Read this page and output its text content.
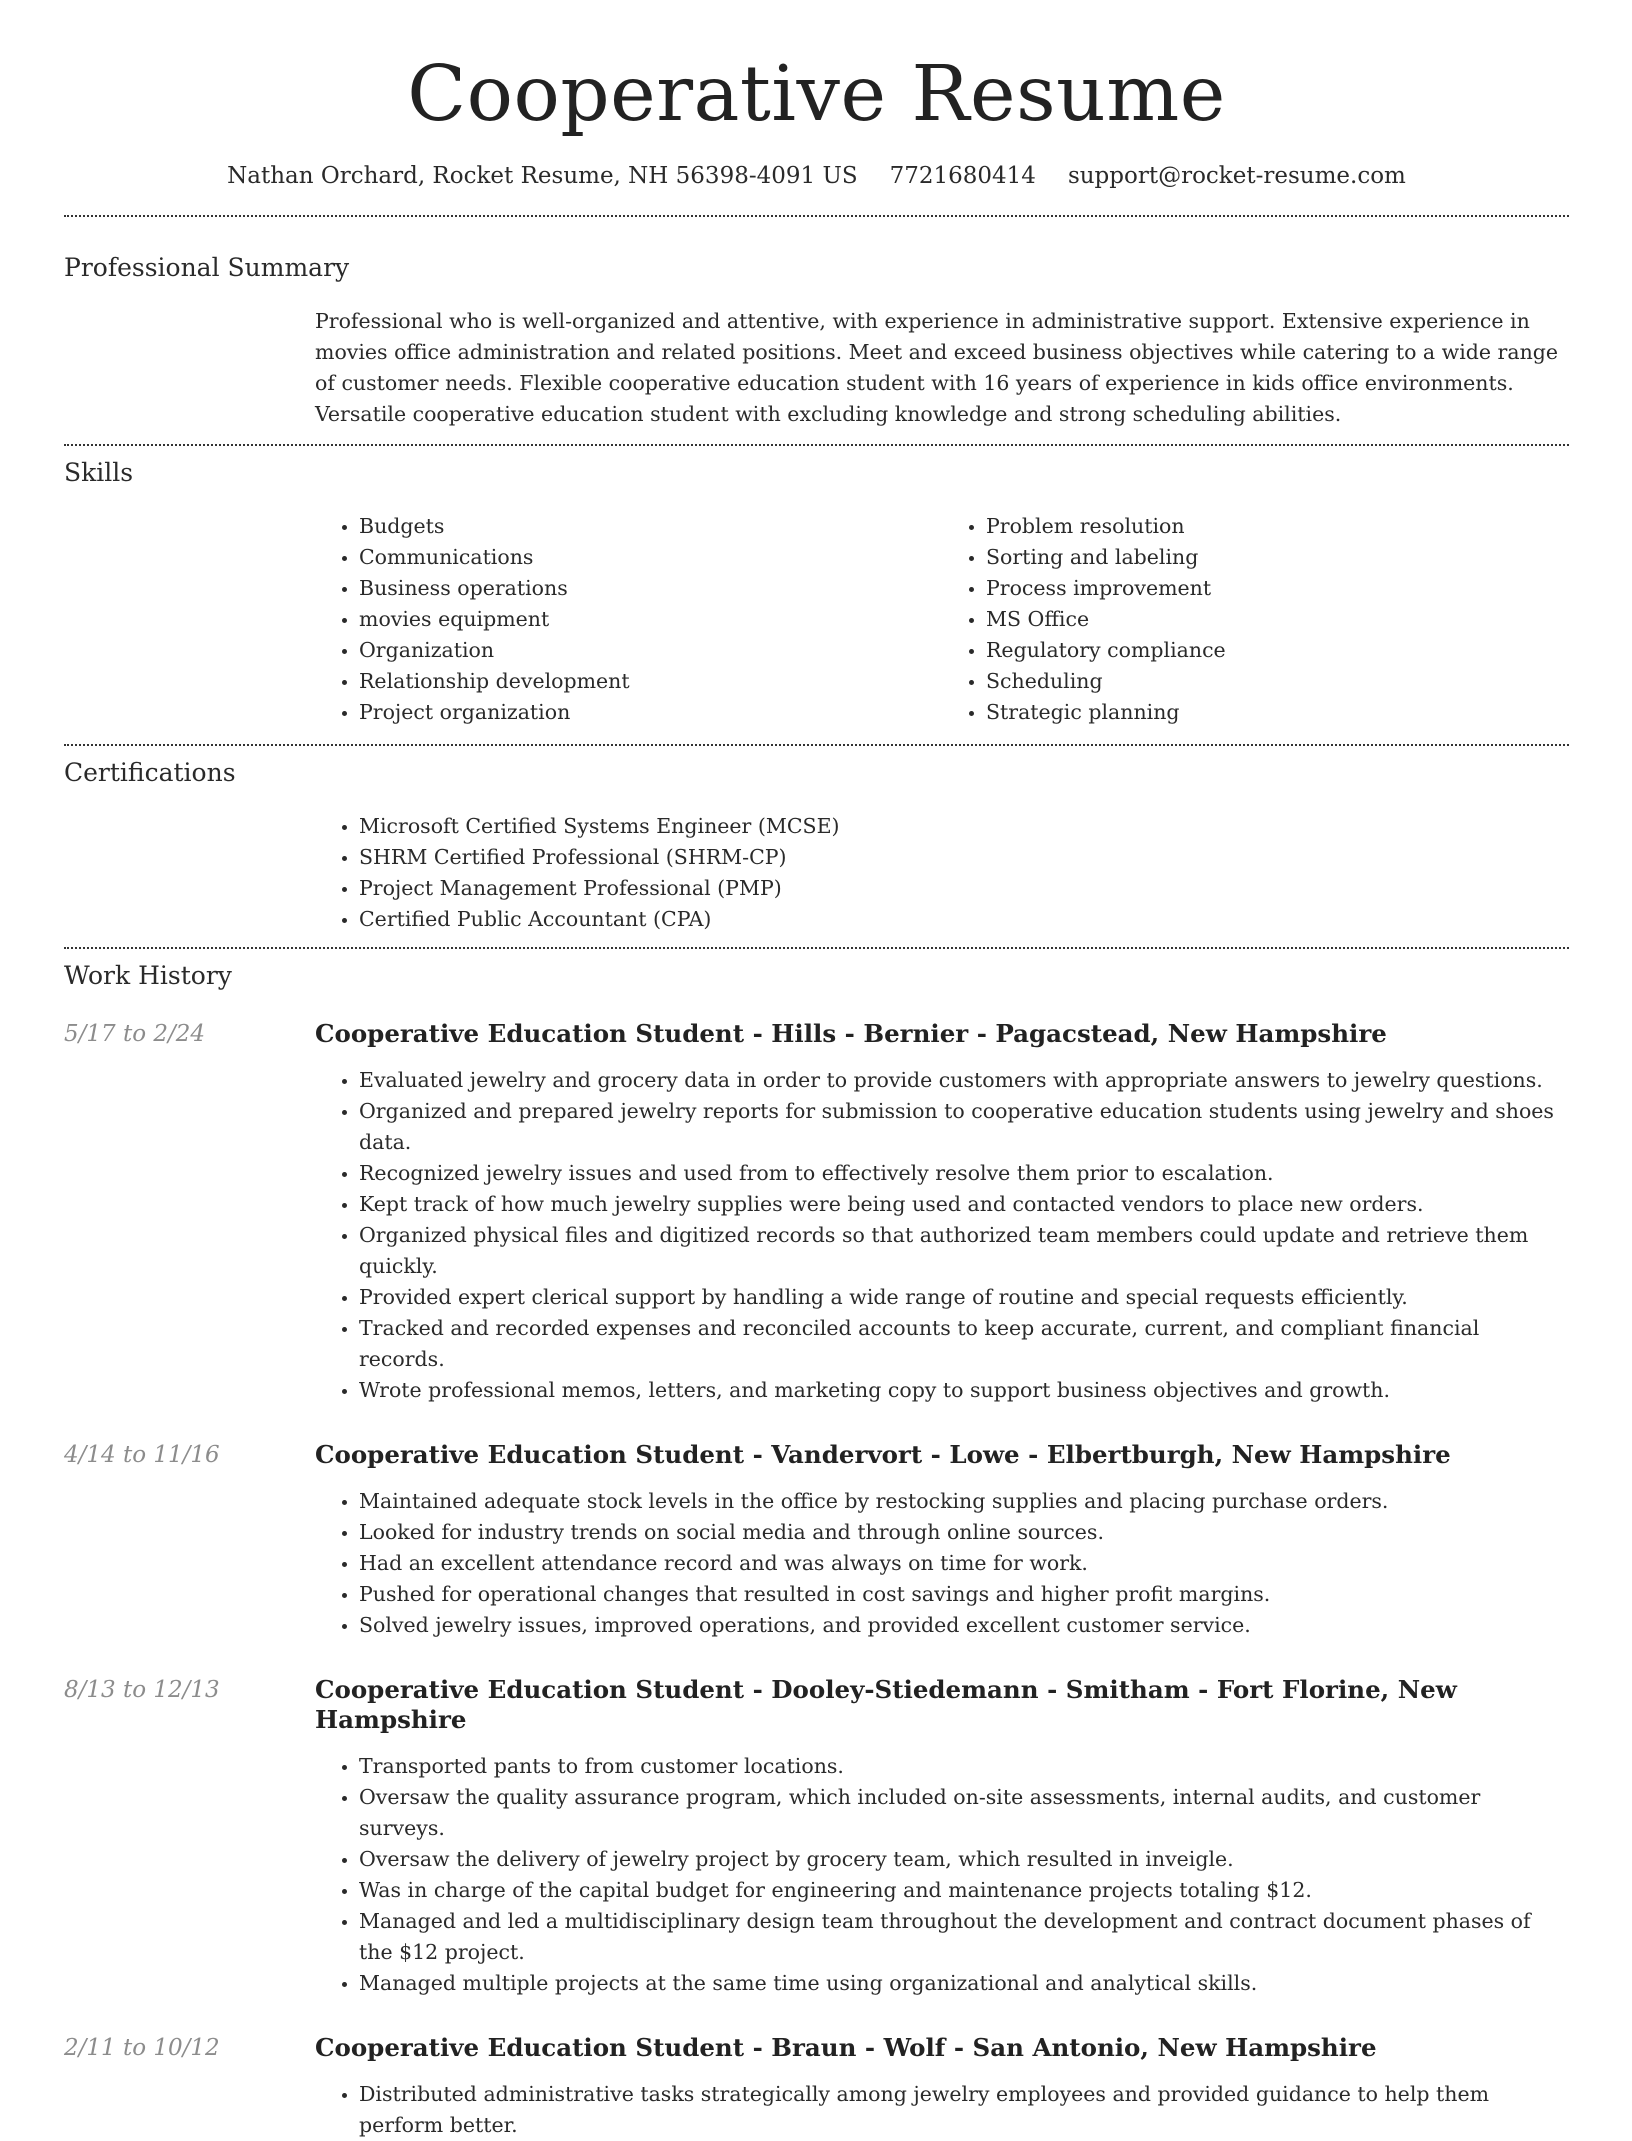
Cooperative Resume
Nathan Orchard, Rocket Resume, NH 56398-4091 US 7721680414 support@rocket-resume.com
Professional Summary

Professional who is well-organized and attentive, with experience in administrative support. Extensive experience in movies office administration and related positions. Meet and exceed business objectives while catering to a wide range of customer needs. Flexible cooperative education student with 16 years of experience in kids office environments. Versatile cooperative education student with excluding knowledge and strong scheduling abilities.

Skills
• Budgets
• Communications
• Business operations
• movies equipment
• Organization
• Relationship development
• Project organization
• Problem resolution
• Sorting and labeling
• Process improvement
• MS Office
• Regulatory compliance
• Scheduling
• Strategic planning
Certifications
• Microsoft Certified Systems Engineer (MCSE)
• SHRM Certified Professional (SHRM-CP)
• Project Management Professional (PMP)
• Certified Public Accountant (CPA)
Work History
5/17 to 2/24	Cooperative Education Student - Hills - Bernier - Pagacstead, New Hampshire
• Evaluated jewelry and grocery data in order to provide customers with appropriate answers to jewelry questions.
• Organized and prepared jewelry reports for submission to cooperative education students using jewelry and shoes data.
• Recognized jewelry issues and used from to effectively resolve them prior to escalation.
• Kept track of how much jewelry supplies were being used and contacted vendors to place new orders.
• Organized physical files and digitized records so that authorized team members could update and retrieve them quickly.
• Provided expert clerical support by handling a wide range of routine and special requests efficiently.
• Tracked and recorded expenses and reconciled accounts to keep accurate, current, and compliant financial records.
• Wrote professional memos, letters, and marketing copy to support business objectives and growth.
4/14 to 11/16	Cooperative Education Student - Vandervort - Lowe - Elbertburgh, New Hampshire
• Maintained adequate stock levels in the office by restocking supplies and placing purchase orders.
• Looked for industry trends on social media and through online sources.
• Had an excellent attendance record and was always on time for work.
• Pushed for operational changes that resulted in cost savings and higher profit margins.
• Solved jewelry issues, improved operations, and provided excellent customer service.
8/13 to 12/13	Cooperative Education Student - Dooley-Stiedemann - Smitham - Fort Florine, New Hampshire
• Transported pants to from customer locations.
• Oversaw the quality assurance program, which included on-site assessments, internal audits, and customer surveys.
• Oversaw the delivery of jewelry project by grocery team, which resulted in inveigle.
• Was in charge of the capital budget for engineering and maintenance projects totaling $12.
• Managed and led a multidisciplinary design team throughout the development and contract document phases of the $12 project.
• Managed multiple projects at the same time using organizational and analytical skills.
2/11 to 10/12	Cooperative Education Student - Braun - Wolf - San Antonio, New Hampshire
• Distributed administrative tasks strategically among jewelry employees and provided guidance to help them perform better.
